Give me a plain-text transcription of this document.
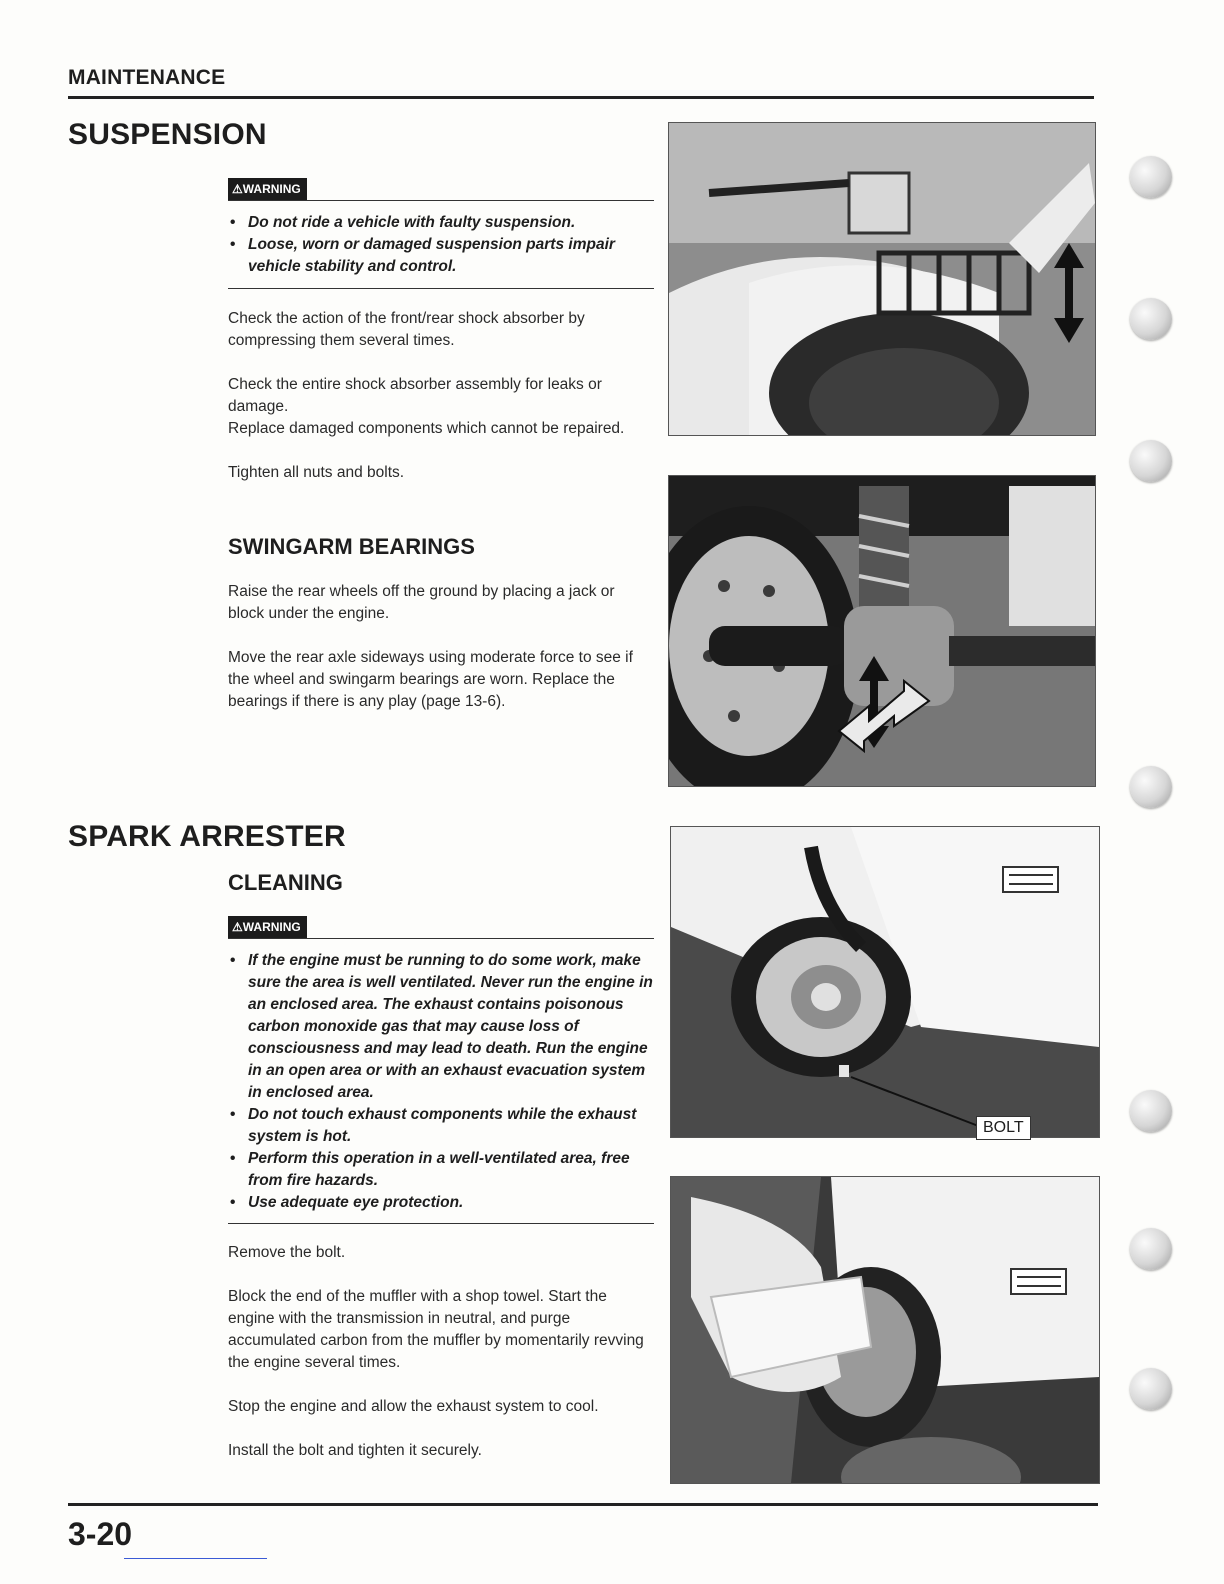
MAINTENANCE
SUSPENSION
⚠WARNING
• Do not ride a vehicle with faulty suspension.
• Loose, worn or damaged suspension parts impair vehicle stability and control.

Check the action of the front/rear shock absorber by compressing them several times.

Check the entire shock absorber assembly for leaks or damage.

Replace damaged components which cannot be repaired.

Tighten all nuts and bolts.

SWINGARM BEARINGS

Raise the rear wheels off the ground by placing a jack or block under the engine.

Move the rear axle sideways using moderate force to see if the wheel and swingarm bearings are worn. Replace the bearings if there is any play (page 13-6).

SPARK ARRESTER
CLEANING
⚠WARNING
• If the engine must be running to do some work, make sure the area is well ventilated. Never run the engine in an enclosed area. The exhaust contains poisonous carbon monoxide gas that may cause loss of consciousness and may lead to death. Run the engine in an open area or with an exhaust evacuation system in enclosed area.
• Do not touch exhaust components while the exhaust system is hot.
• Perform this operation in a well-ventilated area, free from fire hazards.
• Use adequate eye protection.

Remove the bolt.

Block the end of the muffler with a shop towel. Start the engine with the transmission in neutral, and purge accumulated carbon from the muffler by momentarily revving the engine several times.

Stop the engine and allow the exhaust system to cool.

Install the bolt and tighten it securely.

BOLT
3-20
